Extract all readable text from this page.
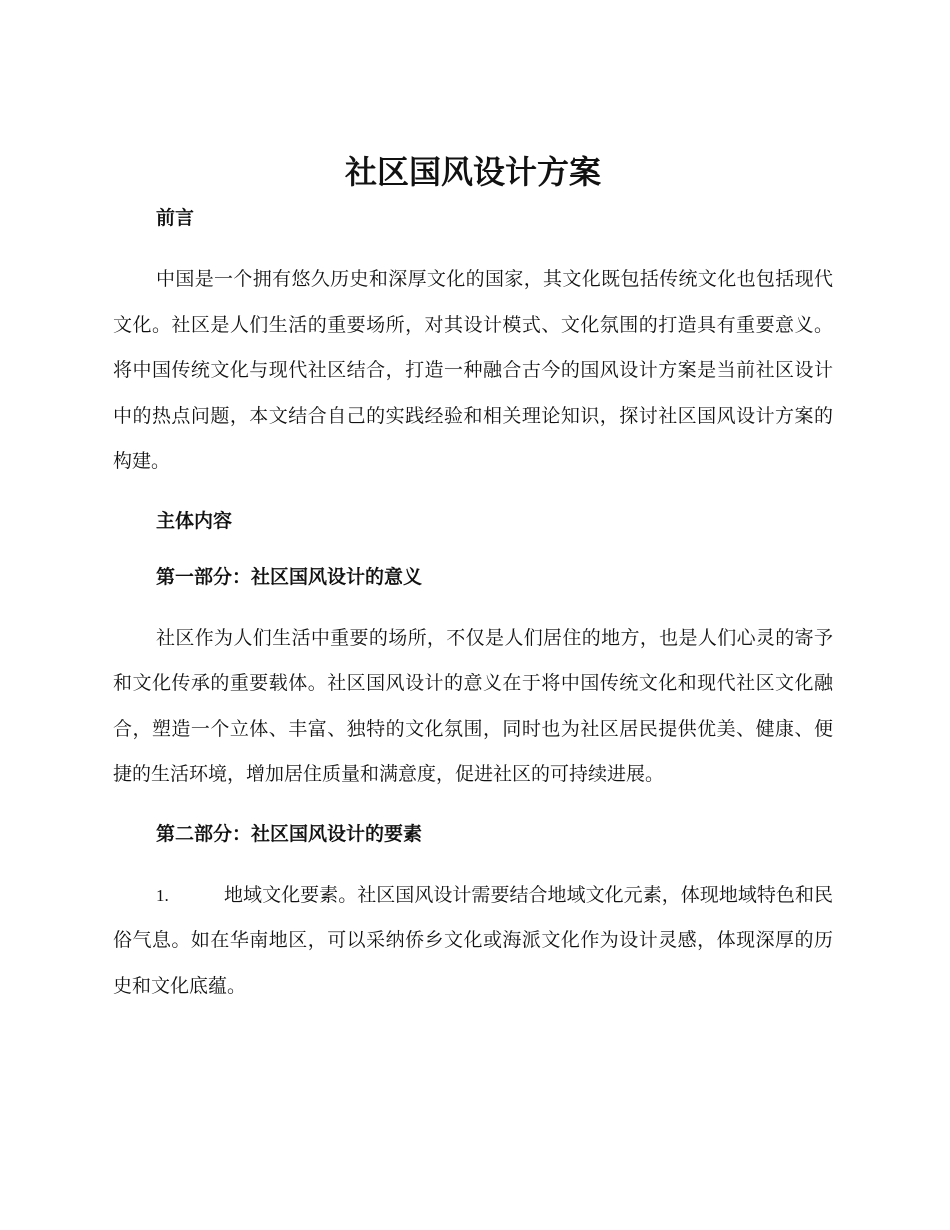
社区国风设计方案
前言

中国是一个拥有悠久历史和深厚文化的国家，其文化既包括传统文化也包括现代文化。社区是人们生活的重要场所，对其设计模式、文化氛围的打造具有重要意义。将中国传统文化与现代社区结合，打造一种融合古今的国风设计方案是当前社区设计中的热点问题，本文结合自己的实践经验和相关理论知识，探讨社区国风设计方案的构建。

主体内容
第一部分：社区国风设计的意义

社区作为人们生活中重要的场所，不仅是人们居住的地方，也是人们心灵的寄予和文化传承的重要载体。社区国风设计的意义在于将中国传统文化和现代社区文化融合，塑造一个立体、丰富、独特的文化氛围，同时也为社区居民提供优美、健康、便捷的生活环境，增加居住质量和满意度，促进社区的可持续进展。

第二部分：社区国风设计的要素

1.	地域文化要素。社区国风设计需要结合地域文化元素，体现地域特色和民俗气息。如在华南地区，可以采纳侨乡文化或海派文化作为设计灵感，体现深厚的历史和文化底蕴。
